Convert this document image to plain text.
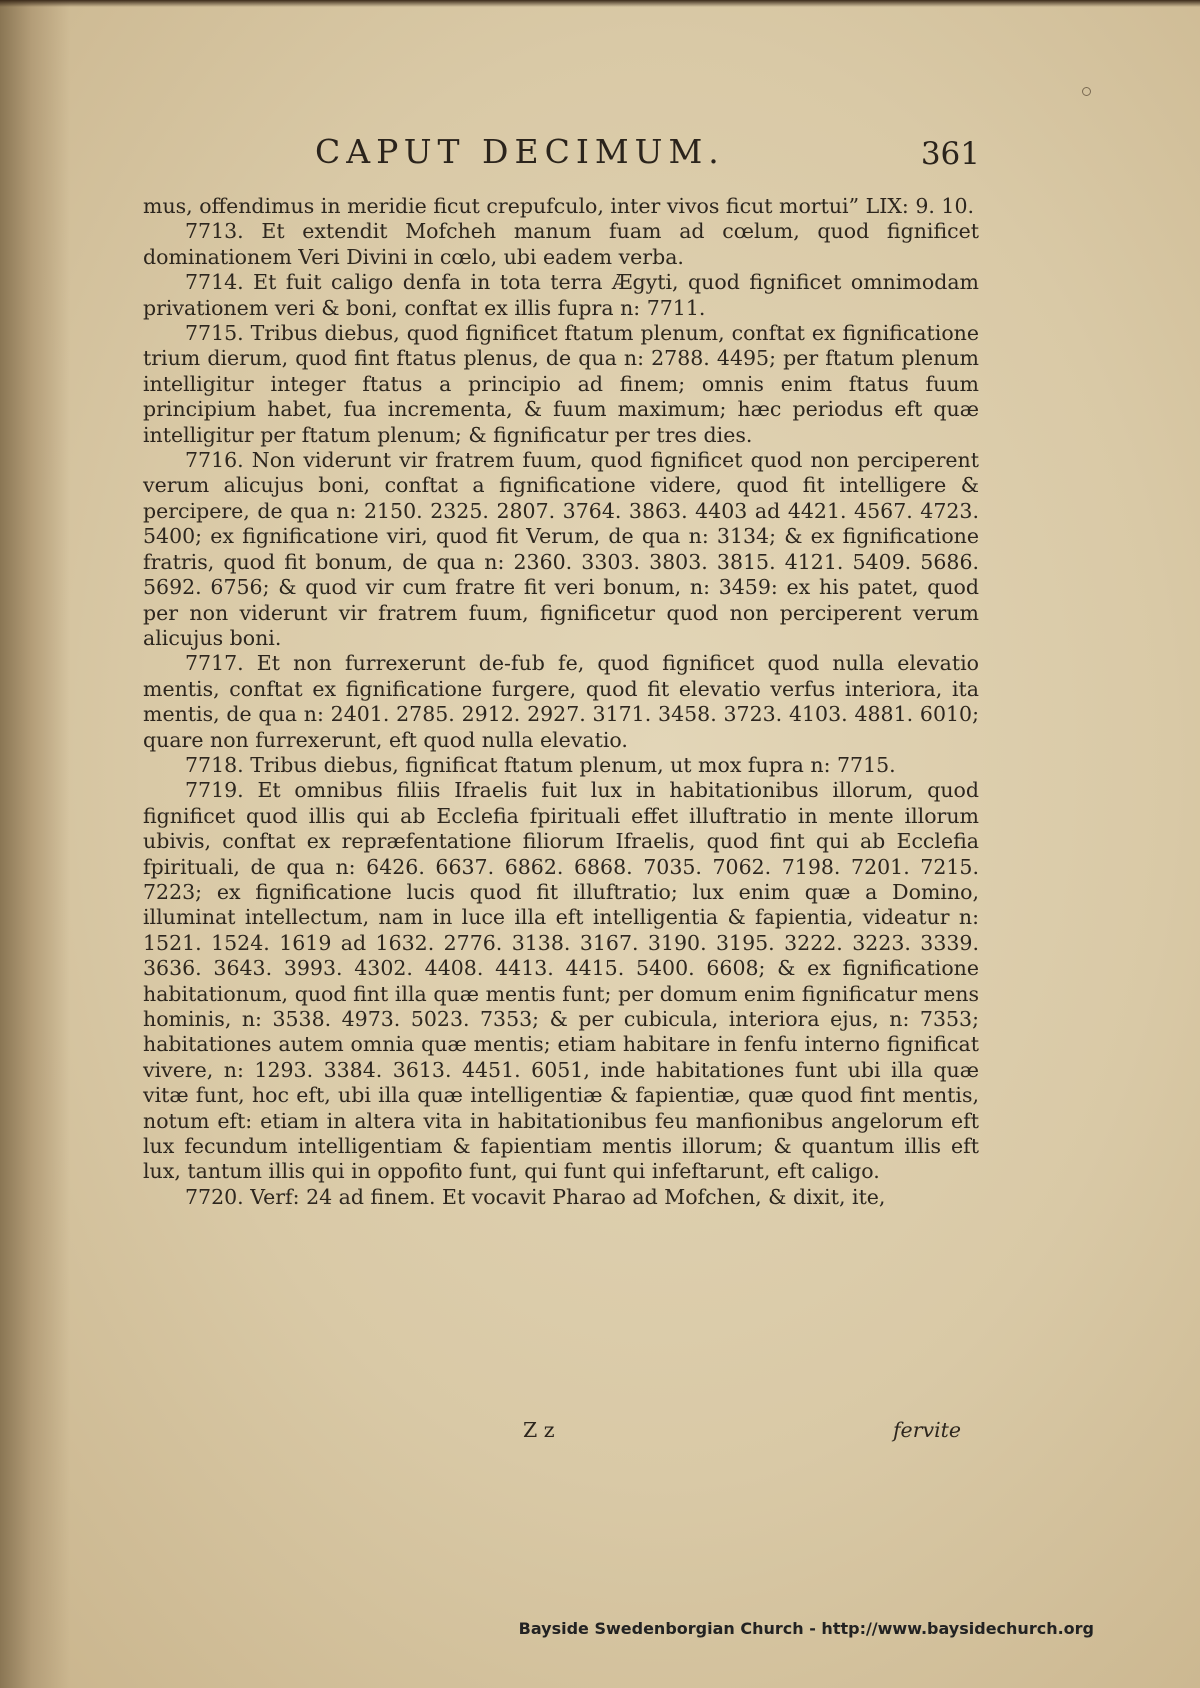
CAPUT DECIMUM.	361

mus, offendimus in meridie ficut crepufculo, inter vivos ficut mortui” LIX: 9. 10.

7713. Et extendit Mofcheh manum fuam ad cœlum, quod fignificet dominationem Veri Divini in cœlo, ubi eadem verba.

7714. Et fuit caligo denfa in tota terra Ægyti, quod fignificet omnimodam privationem veri & boni, conftat ex illis fupra n: 7711.

7715. Tribus diebus, quod fignificet ftatum plenum, conftat ex fignificatione trium dierum, quod fint ftatus plenus, de qua n: 2788. 4495; per ftatum plenum intelligitur integer ftatus a principio ad finem; omnis enim ftatus fuum principium habet, fua incrementa, & fuum maximum; hæc periodus eft quæ intelligitur per ftatum plenum; & fignificatur per tres dies.

7716. Non viderunt vir fratrem fuum, quod fignificet quod non perciperent verum alicujus boni, conftat a fignificatione videre, quod fit intelligere & percipere, de qua n: 2150. 2325. 2807. 3764. 3863. 4403 ad 4421. 4567. 4723. 5400; ex fignificatione viri, quod fit Verum, de qua n: 3134; & ex fignificatione fratris, quod fit bonum, de qua n: 2360. 3303. 3803. 3815. 4121. 5409. 5686. 5692. 6756; & quod vir cum fratre fit veri bonum, n: 3459: ex his patet, quod per non viderunt vir fratrem fuum, fignificetur quod non perciperent verum alicujus boni.

7717. Et non furrexerunt de-fub fe, quod fignificet quod nulla elevatio mentis, conftat ex fignificatione furgere, quod fit elevatio verfus interiora, ita mentis, de qua n: 2401. 2785. 2912. 2927. 3171. 3458. 3723. 4103. 4881. 6010; quare non furrexerunt, eft quod nulla elevatio.

7718. Tribus diebus, fignificat ftatum plenum, ut mox fupra n: 7715.

7719. Et omnibus filiis Ifraelis fuit lux in habitationibus illorum, quod fignificet quod illis qui ab Ecclefia fpirituali effet illuftratio in mente illorum ubivis, conftat ex repræfentatione filiorum Ifraelis, quod fint qui ab Ecclefia fpirituali, de qua n: 6426. 6637. 6862. 6868. 7035. 7062. 7198. 7201. 7215. 7223; ex fignificatione lucis quod fit illuftratio; lux enim quæ a Domino, illuminat intellectum, nam in luce illa eft intelligentia & fapientia, videatur n: 1521. 1524. 1619 ad 1632. 2776. 3138. 3167. 3190. 3195. 3222. 3223. 3339. 3636. 3643. 3993. 4302. 4408. 4413. 4415. 5400. 6608; & ex fignificatione habitationum, quod fint illa quæ mentis funt; per domum enim fignificatur mens hominis, n: 3538. 4973. 5023. 7353; & per cubicula, interiora ejus, n: 7353; habitationes autem omnia quæ mentis; etiam habitare in fenfu interno fignificat vivere, n: 1293. 3384. 3613. 4451. 6051, inde habitationes funt ubi illa quæ vitæ funt, hoc eft, ubi illa quæ intelligentiæ & fapientiæ, quæ quod fint mentis, notum eft: etiam in altera vita in habitationibus feu manfionibus angelorum eft lux fecundum intelligentiam & fapientiam mentis illorum; & quantum illis eft lux, tantum illis qui in oppofito funt, qui funt qui infeftarunt, eft caligo.

7720. Verf: 24 ad finem. Et vocavit Pharao ad Mofchen, & dixit, ite,

Z z	fervite
Bayside Swedenborgian Church - http://www.baysidechurch.org
